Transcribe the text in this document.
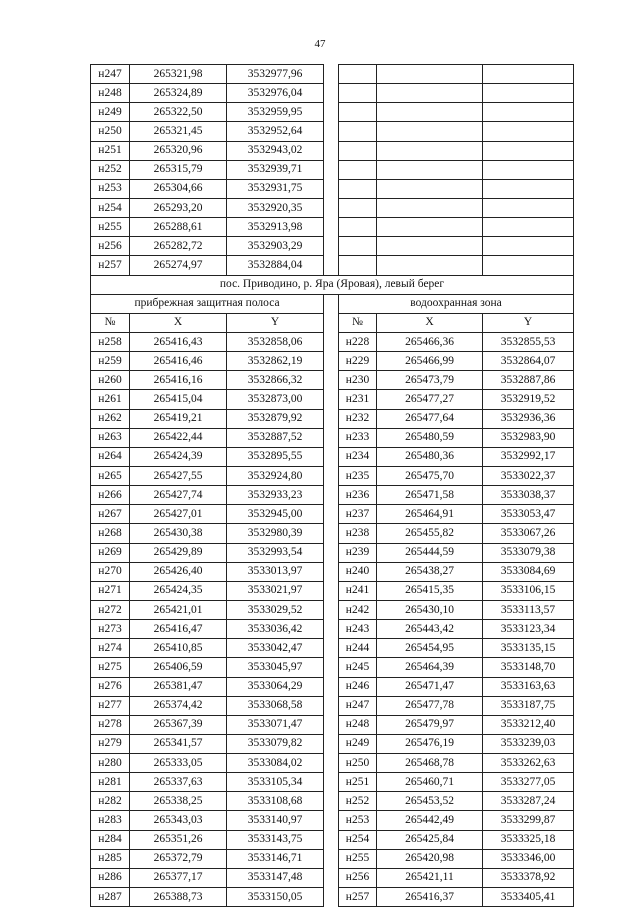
47
н247	265321,98	3532977,96				
н248	265324,89	3532976,04				
н249	265322,50	3532959,95				
н250	265321,45	3532952,64				
н251	265320,96	3532943,02				
н252	265315,79	3532939,71				
н253	265304,66	3532931,75				
н254	265293,20	3532920,35				
н255	265288,61	3532913,98				
н256	265282,72	3532903,29				
н257	265274,97	3532884,04				
пос. Приводино, р. Яра (Яровая), левый берег						
прибрежная защитная полоса				водоохранная зона		
№	X	Y		№	X	Y
н258	265416,43	3532858,06		н228	265466,36	3532855,53
н259	265416,46	3532862,19		н229	265466,99	3532864,07
н260	265416,16	3532866,32		н230	265473,79	3532887,86
н261	265415,04	3532873,00		н231	265477,27	3532919,52
н262	265419,21	3532879,92		н232	265477,64	3532936,36
н263	265422,44	3532887,52		н233	265480,59	3532983,90
н264	265424,39	3532895,55		н234	265480,36	3532992,17
н265	265427,55	3532924,80		н235	265475,70	3533022,37
н266	265427,74	3532933,23		н236	265471,58	3533038,37
н267	265427,01	3532945,00		н237	265464,91	3533053,47
н268	265430,38	3532980,39		н238	265455,82	3533067,26
н269	265429,89	3532993,54		н239	265444,59	3533079,38
н270	265426,40	3533013,97		н240	265438,27	3533084,69
н271	265424,35	3533021,97		н241	265415,35	3533106,15
н272	265421,01	3533029,52		н242	265430,10	3533113,57
н273	265416,47	3533036,42		н243	265443,42	3533123,34
н274	265410,85	3533042,47		н244	265454,95	3533135,15
н275	265406,59	3533045,97		н245	265464,39	3533148,70
н276	265381,47	3533064,29		н246	265471,47	3533163,63
н277	265374,42	3533068,58		н247	265477,78	3533187,75
н278	265367,39	3533071,47		н248	265479,97	3533212,40
н279	265341,57	3533079,82		н249	265476,19	3533239,03
н280	265333,05	3533084,02		н250	265468,78	3533262,63
н281	265337,63	3533105,34		н251	265460,71	3533277,05
н282	265338,25	3533108,68		н252	265453,52	3533287,24
н283	265343,03	3533140,97		н253	265442,49	3533299,87
н284	265351,26	3533143,75		н254	265425,84	3533325,18
н285	265372,79	3533146,71		н255	265420,98	3533346,00
н286	265377,17	3533147,48		н256	265421,11	3533378,92
н287	265388,73	3533150,05		н257	265416,37	3533405,41
